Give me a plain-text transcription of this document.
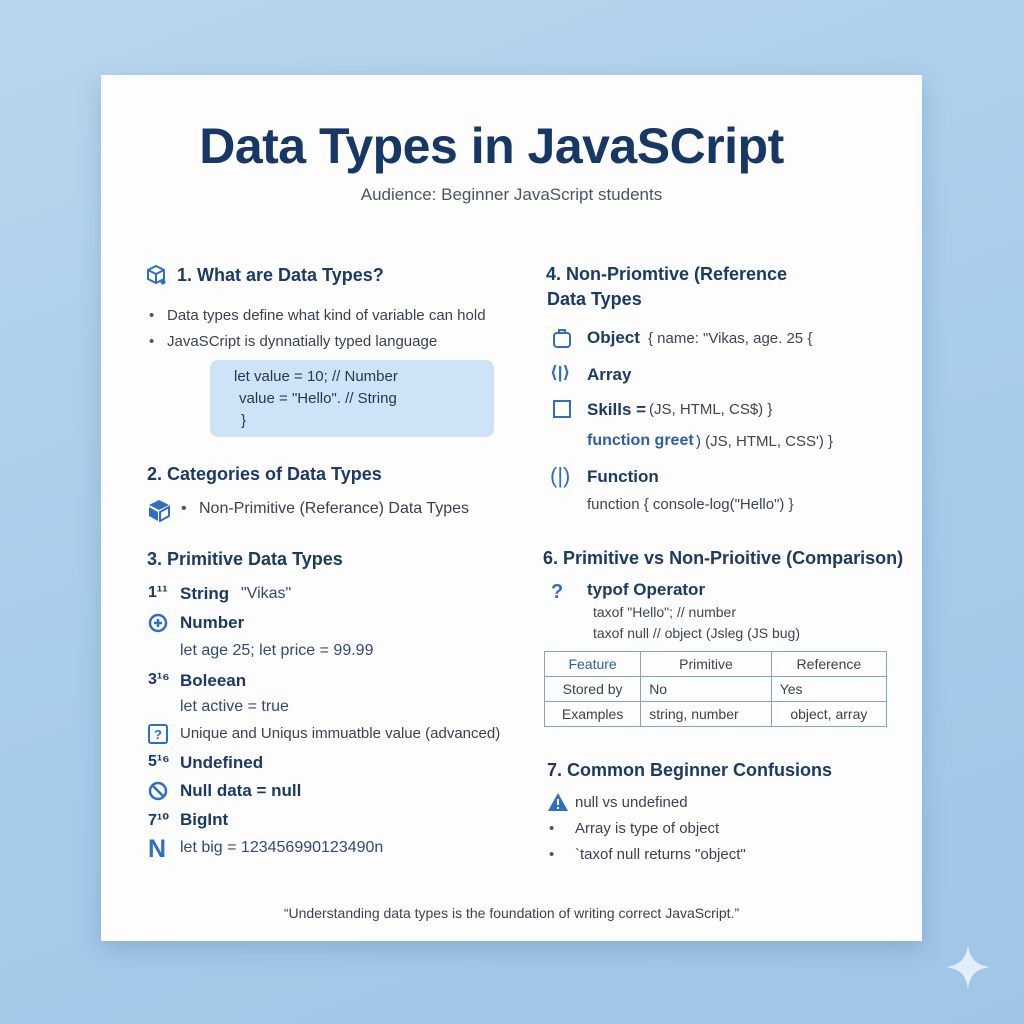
Data Types in JavaSCript
Audience: Beginner JavaScript students
1. What are Data Types?
• Data types define what kind of variable can hold
• JavaSCript is dynnatially typed language
let value = 10; // Number
value = "Hello". // String
}
2. Categories of Data Types
• Non-Primitive (Referance) Data Types
3. Primitive Data Types
1¹¹ String "Vikas"
Number
let age 25; let price = 99.99
3¹⁶ Boleean
let active = true
? Unique and Uniqus immuatble value (advanced)
5¹⁶ Undefined
Null data = null
7¹⁰ BigInt
N let big = 123456990123490n
4. Non-Priomtive (Reference
Data Types
Object { name: "Vikas, age. 25 {
⟨|⟩ Array
Skills = (JS, HTML, CS$) }
function greet ) (JS, HTML, CSS') }
(|) Function
function { console-log("Hello") }
6. Primitive vs Non-Prioitive (Comparison)
? typof Operator
taxof "Hello"; // number
taxof null // object (Jsleg (JS bug)
Feature	Primitive	Reference
Stored by	No	Yes
Examples	string, number	object, array
7. Common Beginner Confusions
null vs undefined
• Array is type of object
• `taxof null returns "object"
“Understanding data types is the foundation of writing correct JavaScript.”
